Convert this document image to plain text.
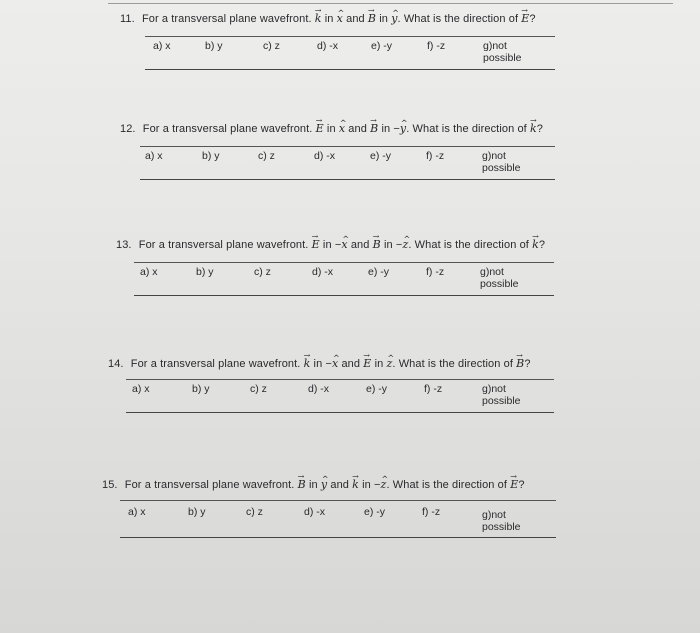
11. For a transversal plane wavefront. → k in ^ x and → B in ^ y. What is the direction of → E?
a) x	b) y	c) z	d) -x	e) -y	f) -z	g)not
possible
12. For a transversal plane wavefront. → E in ^ x and → B in −^ y. What is the direction of → k?
a) x	b) y	c) z	d) -x	e) -y	f) -z	g)not
possible
13. For a transversal plane wavefront. → E in −^ x and → B in −^ z. What is the direction of → k?
a) x	b) y	c) z	d) -x	e) -y	f) -z	g)not
possible
14. For a transversal plane wavefront. → k in −^ x and → E in ^ z. What is the direction of → B?
a) x	b) y	c) z	d) -x	e) -y	f) -z	g)not
possible
15. For a transversal plane wavefront. → B in ^ y and → k in −^ z. What is the direction of → E?
a) x	b) y	c) z	d) -x	e) -y	f) -z	g)not
possible
